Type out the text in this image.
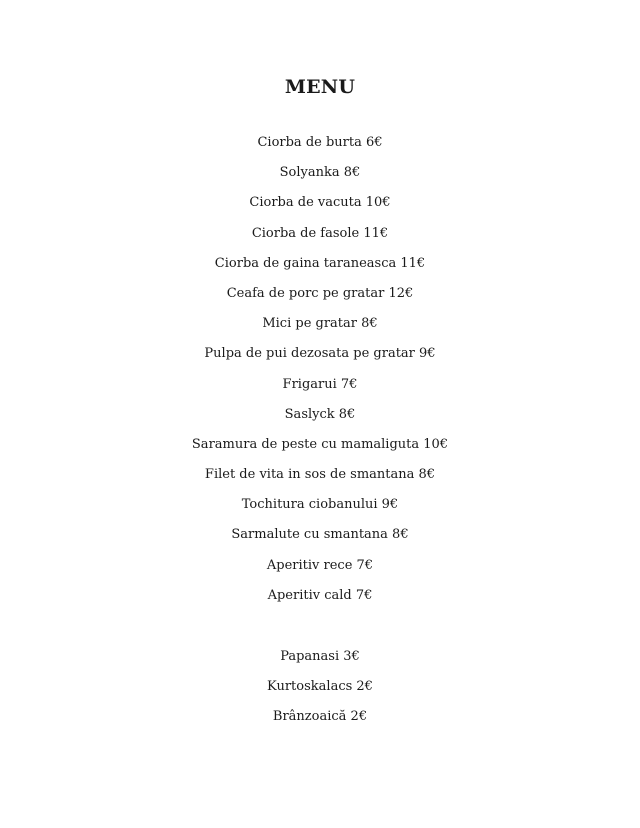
MENU
Ciorba de burta 6€
Solyanka 8€
Ciorba de vacuta 10€
Ciorba de fasole 11€
Ciorba de gaina taraneasca 11€
Ceafa de porc pe gratar 12€
Mici pe gratar 8€
Pulpa de pui dezosata pe gratar 9€
Frigarui 7€
Saslyck 8€
Saramura de peste cu mamaliguta 10€
Filet de vita in sos de smantana 8€
Tochitura ciobanului 9€
Sarmalute cu smantana 8€
Aperitiv rece 7€
Aperitiv cald 7€
Papanasi 3€
Kurtoskalacs 2€
Brânzoaică 2€
